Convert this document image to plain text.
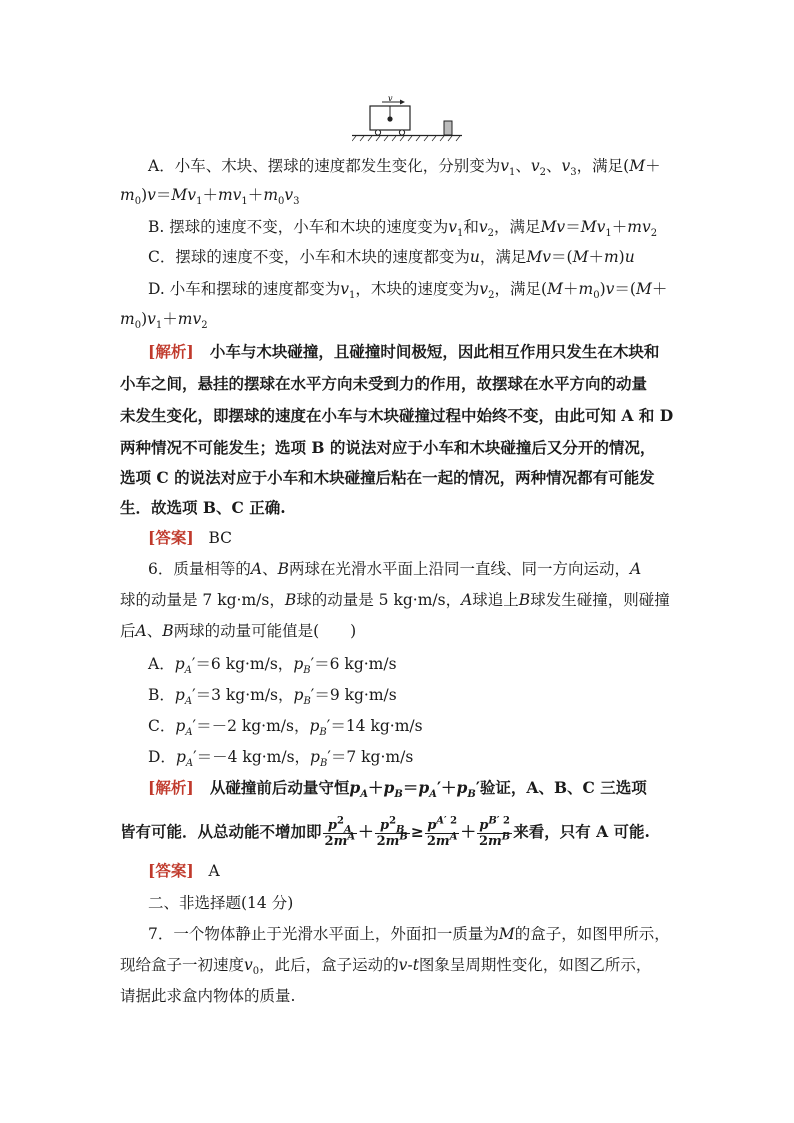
v
A．小车、木块、摆球的速度都发生变化，分别变为$v_1$、$v_2$、$v_3$，满足(M＋
$m_0)v=Mv_1+mv_1+m_0v_3$
B. 摆球的速度不变，小车和木块的速度变为$v_1$和$v_2$，满足$Mv=Mv_1+mv_2$
C．摆球的速度不变，小车和木块的速度都变为u，满足Mv＝(M＋m)u
D. 小车和摆球的速度都变为$v_1$，木块的速度变为$v_2$，满足$(M+m_0)v=(M+$
$m_0)v_1+mv_2$
[解析] 小车与木块碰撞，且碰撞时间极短，因此相互作用只发生在木块和
小车之间，悬挂的摆球在水平方向未受到力的作用，故摆球在水平方向的动量
未发生变化，即摆球的速度在小车与木块碰撞过程中始终不变，由此可知 A 和 D
两种情况不可能发生；选项 B 的说法对应于小车和木块碰撞后又分开的情况，
选项 C 的说法对应于小车和木块碰撞后粘在一起的情况，两种情况都有可能发
生．故选项 B、C 正确.
[答案] BC
6．质量相等的A、B两球在光滑水平面上沿同一直线、同一方向运动，A
球的动量是 7 kg·m/s，B球的动量是 5 kg·m/s，A球追上B球发生碰撞，则碰撞
后A、B两球的动量可能值是(　　)
A．$p_A'=6$ kg·m/s，$p_B'=6$ kg·m/s
B．$p_A'=3$ kg·m/s，$p_B'=9$ kg·m/s
C．$p_A'=-2$ kg·m/s，$p_B'=14$ kg·m/s
D．$p_A'=-4$ kg·m/s，$p_B'=7$ kg·m/s
[解析] 从碰撞前后动量守恒$p_A+p_B=p_A'+p_B'$验证，A、B、C 三选项
皆有可能．从总动能不增加即 $\frac{p^2_A}{2m^A} + \frac{p^2_B}{2m^B} \ge \frac{p^{A' 2}}{2m^A} + \frac{p^{B' 2}}{2m^B}$ 来看，只有 A 可能.
[答案] A
二、非选择题(14 分)
7．一个物体静止于光滑水平面上，外面扣一质量为M的盒子，如图甲所示，
现给盒子一初速度$v_0$，此后，盒子运动的v-t图象呈周期性变化，如图乙所示，
请据此求盒内物体的质量.
